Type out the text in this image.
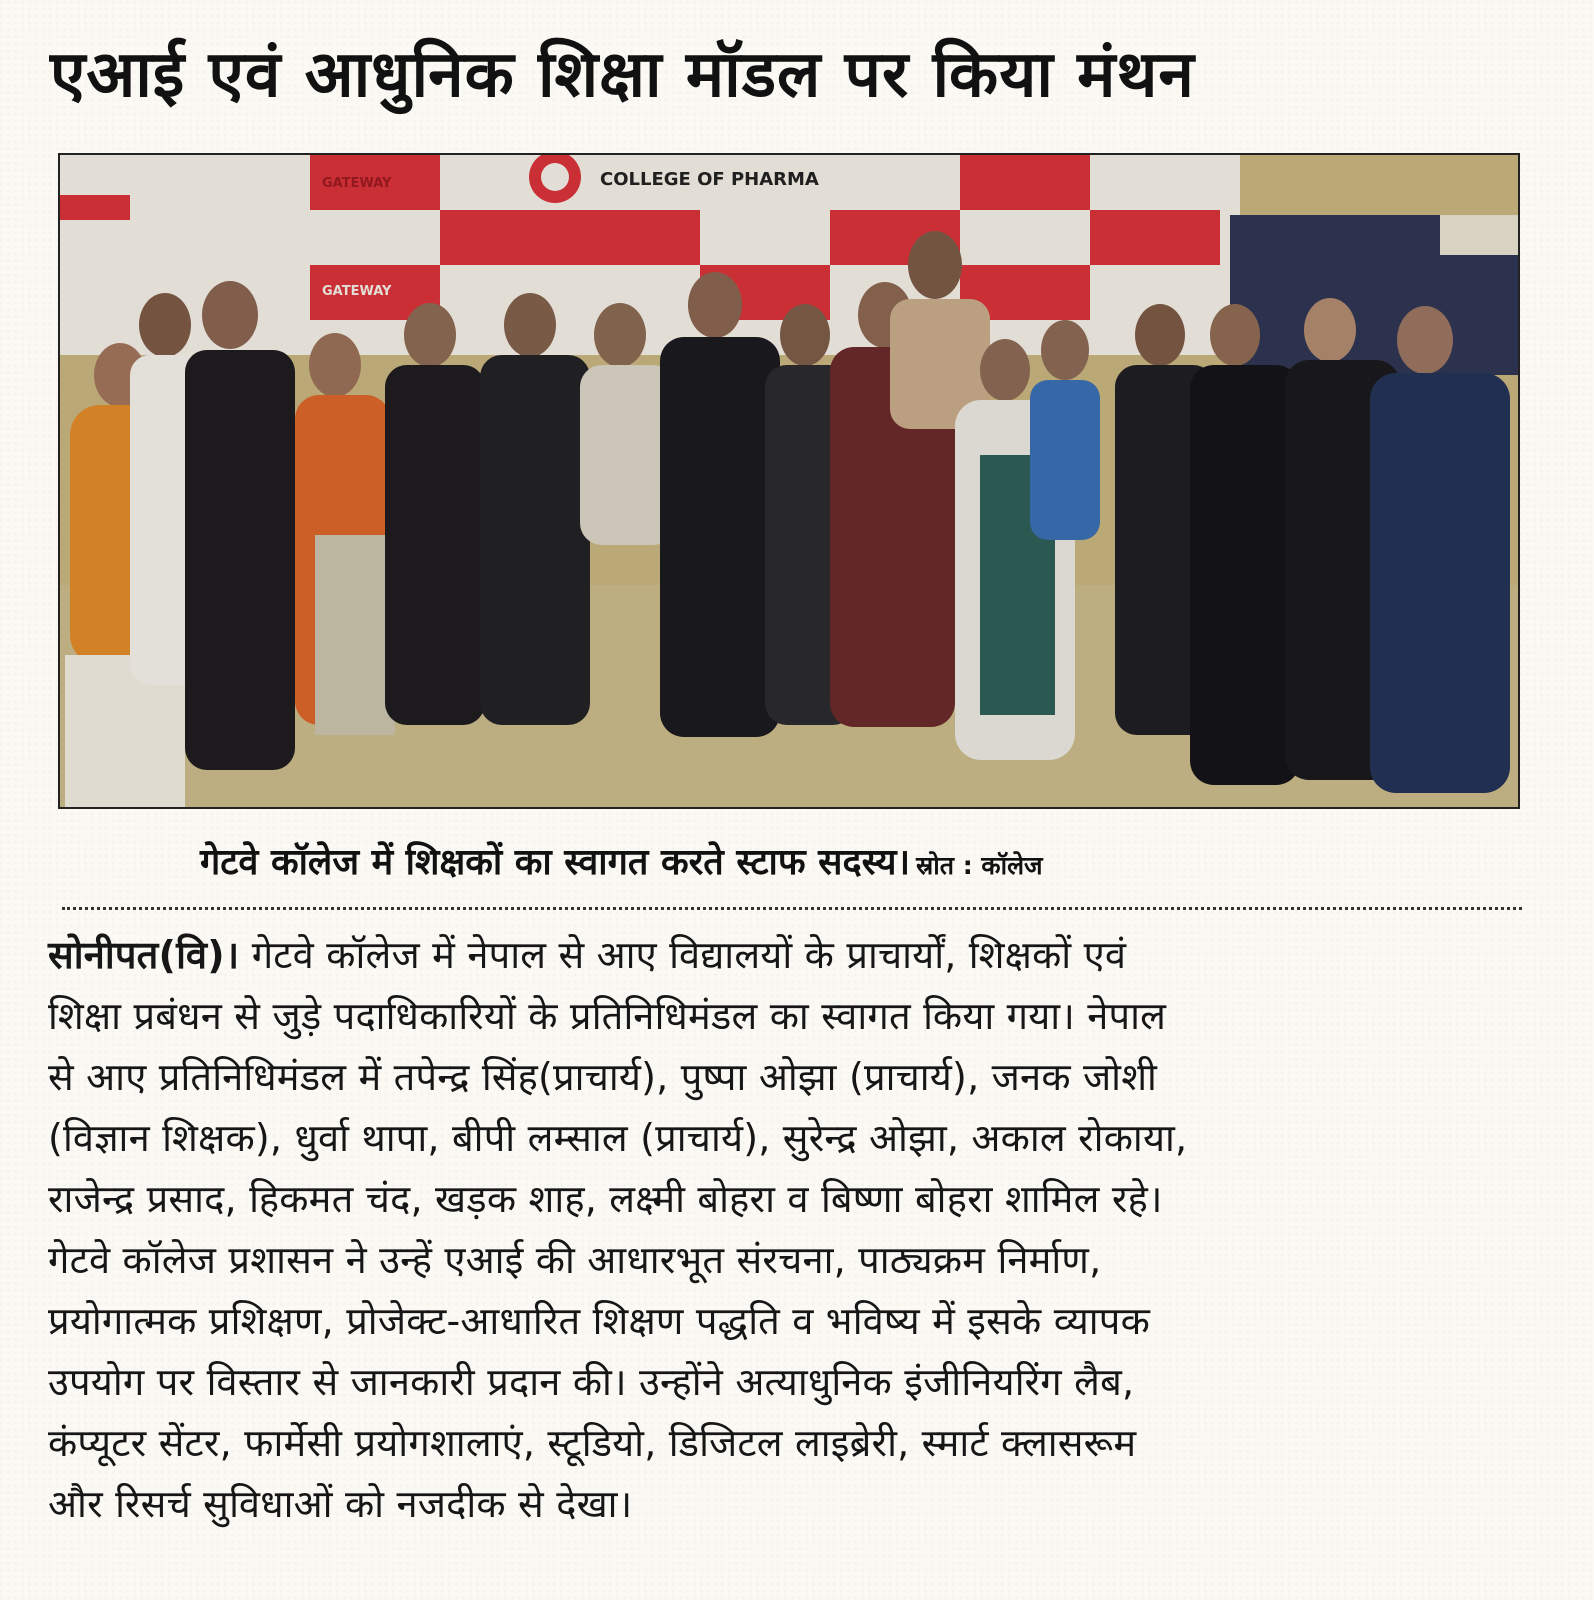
एआई एवं आधुनिक शिक्षा मॉडल पर किया मंथन
COLLEGE OF PHARMA
GATEWAY
GATEWAY
GATEWAY
गेटवे कॉलेज में शिक्षकों का स्वागत करते स्टाफ सदस्य। स्रोत : कॉलेज
सोनीपत(वि)। गेटवे कॉलेज में नेपाल से आए विद्यालयों के प्राचार्यों, शिक्षकों एवं
शिक्षा प्रबंधन से जुड़े पदाधिकारियों के प्रतिनिधिमंडल का स्वागत किया गया। नेपाल
से आए प्रतिनिधिमंडल में तपेन्द्र सिंह(प्राचार्य), पुष्पा ओझा (प्राचार्य), जनक जोशी
(विज्ञान शिक्षक), धुर्वा थापा, बीपी लम्साल (प्राचार्य), सुरेन्द्र ओझा, अकाल रोकाया,
राजेन्द्र प्रसाद, हिकमत चंद, खड़क शाह, लक्ष्मी बोहरा व बिष्णा बोहरा शामिल रहे।
गेटवे कॉलेज प्रशासन ने उन्हें एआई की आधारभूत संरचना, पाठ्यक्रम निर्माण,
प्रयोगात्मक प्रशिक्षण, प्रोजेक्ट-आधारित शिक्षण पद्धति व भविष्य में इसके व्यापक
उपयोग पर विस्तार से जानकारी प्रदान की। उन्होंने अत्याधुनिक इंजीनियरिंग लैब,
कंप्यूटर सेंटर, फार्मेसी प्रयोगशालाएं, स्टूडियो, डिजिटल लाइब्रेरी, स्मार्ट क्लासरूम
और रिसर्च सुविधाओं को नजदीक से देखा।
